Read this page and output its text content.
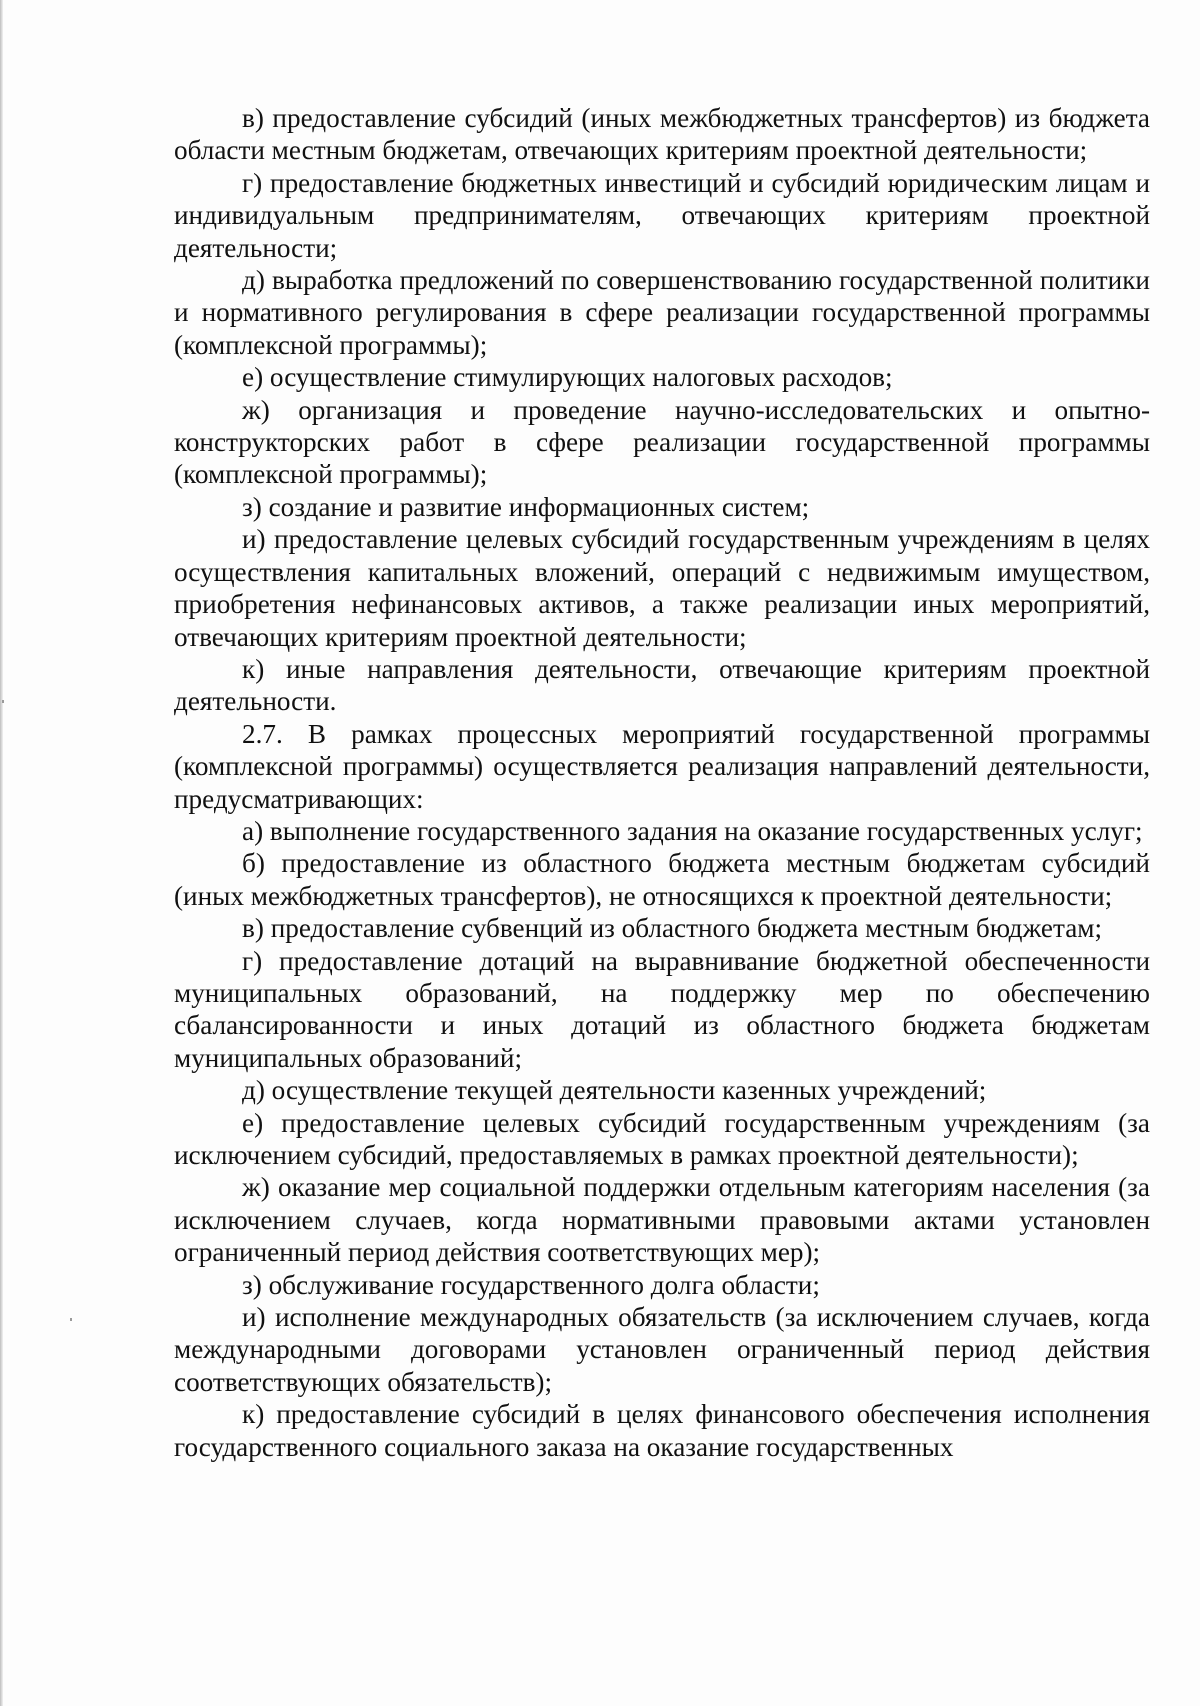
в) предоставление субсидий (иных межбюджетных трансфертов) из бюджета области местным бюджетам, отвечающих критериям проектной деятельности;

г) предоставление бюджетных инвестиций и субсидий юридическим лицам и индивидуальным предпринимателям, отвечающих критериям проектной деятельности;

д) выработка предложений по совершенствованию государственной политики и нормативного регулирования в сфере реализации государственной программы (комплексной программы);

е) осуществление стимулирующих налоговых расходов;

ж) организация и проведение научно-исследовательских и опытно-конструкторских работ в сфере реализации государственной программы (комплексной программы);

з) создание и развитие информационных систем;

и) предоставление целевых субсидий государственным учреждениям в целях осуществления капитальных вложений, операций с недвижимым имуществом, приобретения нефинансовых активов, а также реализации иных мероприятий, отвечающих критериям проектной деятельности;

к) иные направления деятельности, отвечающие критериям проектной деятельности.

2.7. В рамках процессных мероприятий государственной программы (комплексной программы) осуществляется реализация направлений деятельности, предусматривающих:

а) выполнение государственного задания на оказание государственных услуг;

б) предоставление из областного бюджета местным бюджетам субсидий (иных межбюджетных трансфертов), не относящихся к проектной деятельности;

в) предоставление субвенций из областного бюджета местным бюджетам;

г) предоставление дотаций на выравнивание бюджетной обеспеченности муниципальных образований, на поддержку мер по обеспечению сбалансированности и иных дотаций из областного бюджета бюджетам муниципальных образований;

д) осуществление текущей деятельности казенных учреждений;

е) предоставление целевых субсидий государственным учреждениям (за исключением субсидий, предоставляемых в рамках проектной деятельности);

ж) оказание мер социальной поддержки отдельным категориям населения (за исключением случаев, когда нормативными правовыми актами установлен ограниченный период действия соответствующих мер);

з) обслуживание государственного долга области;

и) исполнение международных обязательств (за исключением случаев, когда международными договорами установлен ограниченный период действия соответствующих обязательств);

к) предоставление субсидий в целях финансового обеспечения исполнения государственного социального заказа на оказание государственных
